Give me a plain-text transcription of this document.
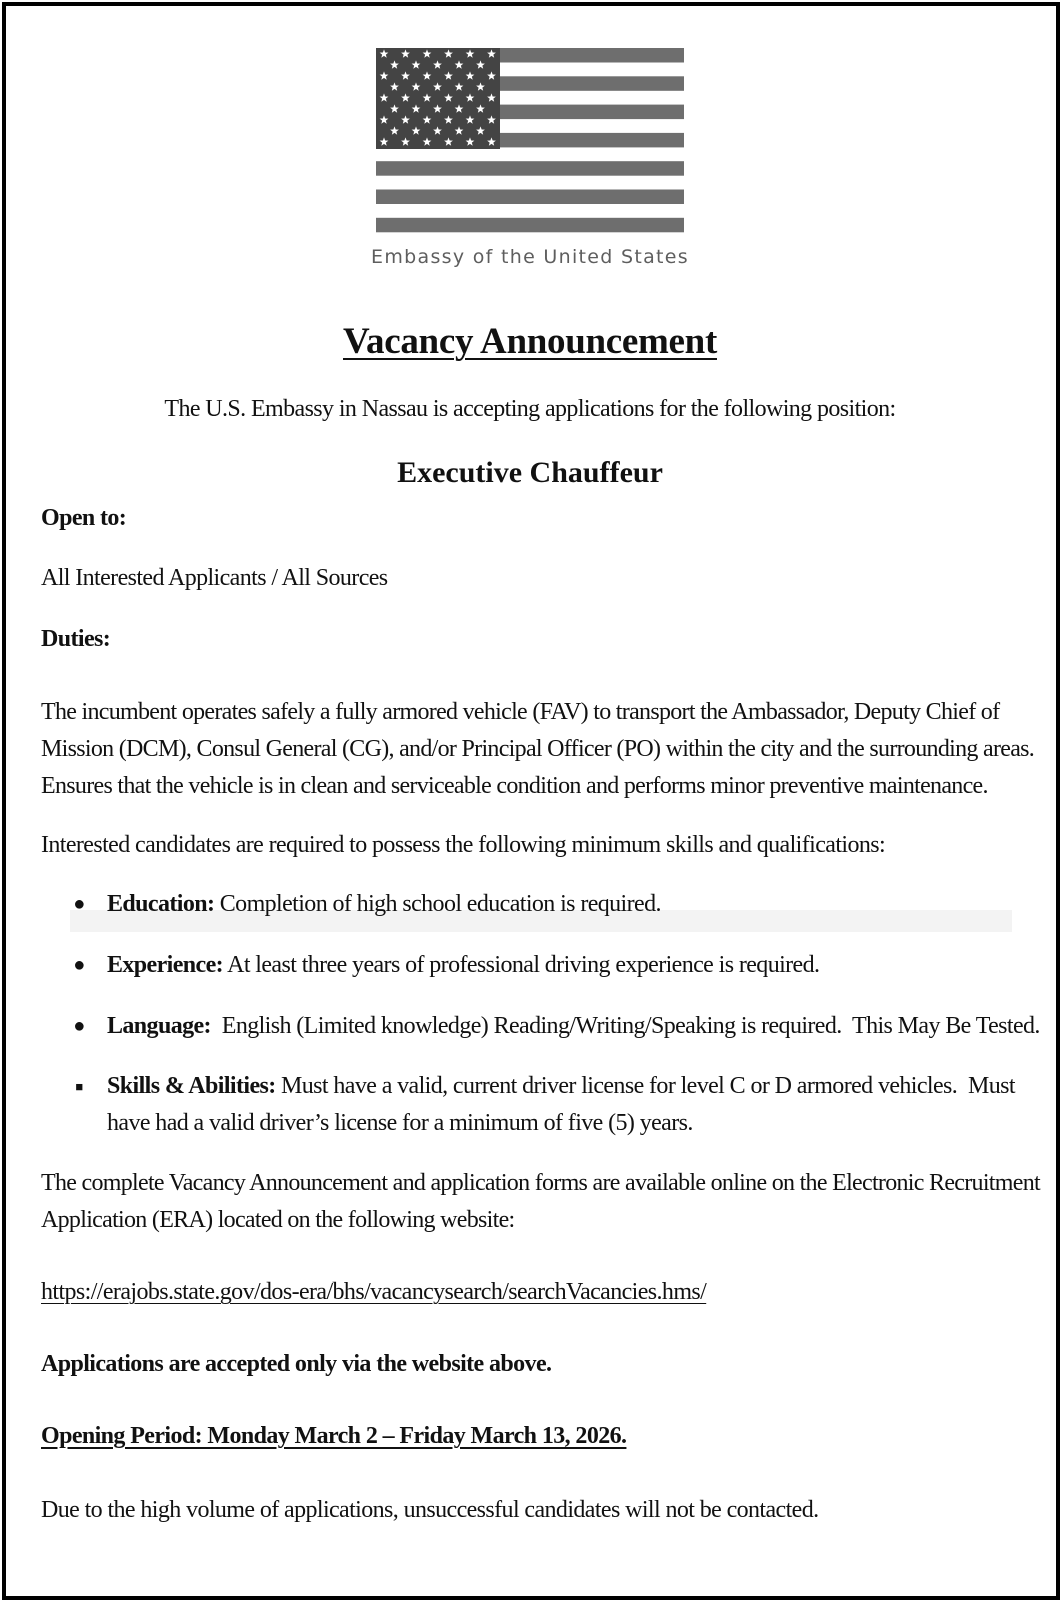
Embassy of the United States
Vacancy Announcement
The U.S. Embassy in Nassau is accepting applications for the following position:
Executive Chauffeur
Open to:
All Interested Applicants / All Sources
Duties:
The incumbent operates safely a fully armored vehicle (FAV) to transport the Ambassador, Deputy Chief of
Mission (DCM), Consul General (CG), and/or Principal Officer (PO) within the city and the surrounding areas.
Ensures that the vehicle is in clean and serviceable condition and performs minor preventive maintenance.
Interested candidates are required to possess the following minimum skills and qualifications:
● Education: Completion of high school education is required.
● Experience: At least three years of professional driving experience is required.
● Language:  English (Limited knowledge) Reading/Writing/Speaking is required.  This May Be Tested.
■ Skills & Abilities: Must have a valid, current driver license for level C or D armored vehicles.  Must
have had a valid driver’s license for a minimum of five (5) years.
The complete Vacancy Announcement and application forms are available online on the Electronic Recruitment
Application (ERA) located on the following website:
https://erajobs.state.gov/dos-era/bhs/vacancysearch/searchVacancies.hms/
Applications are accepted only via the website above.
Opening Period: Monday March 2 – Friday March 13, 2026.
Due to the high volume of applications, unsuccessful candidates will not be contacted.
